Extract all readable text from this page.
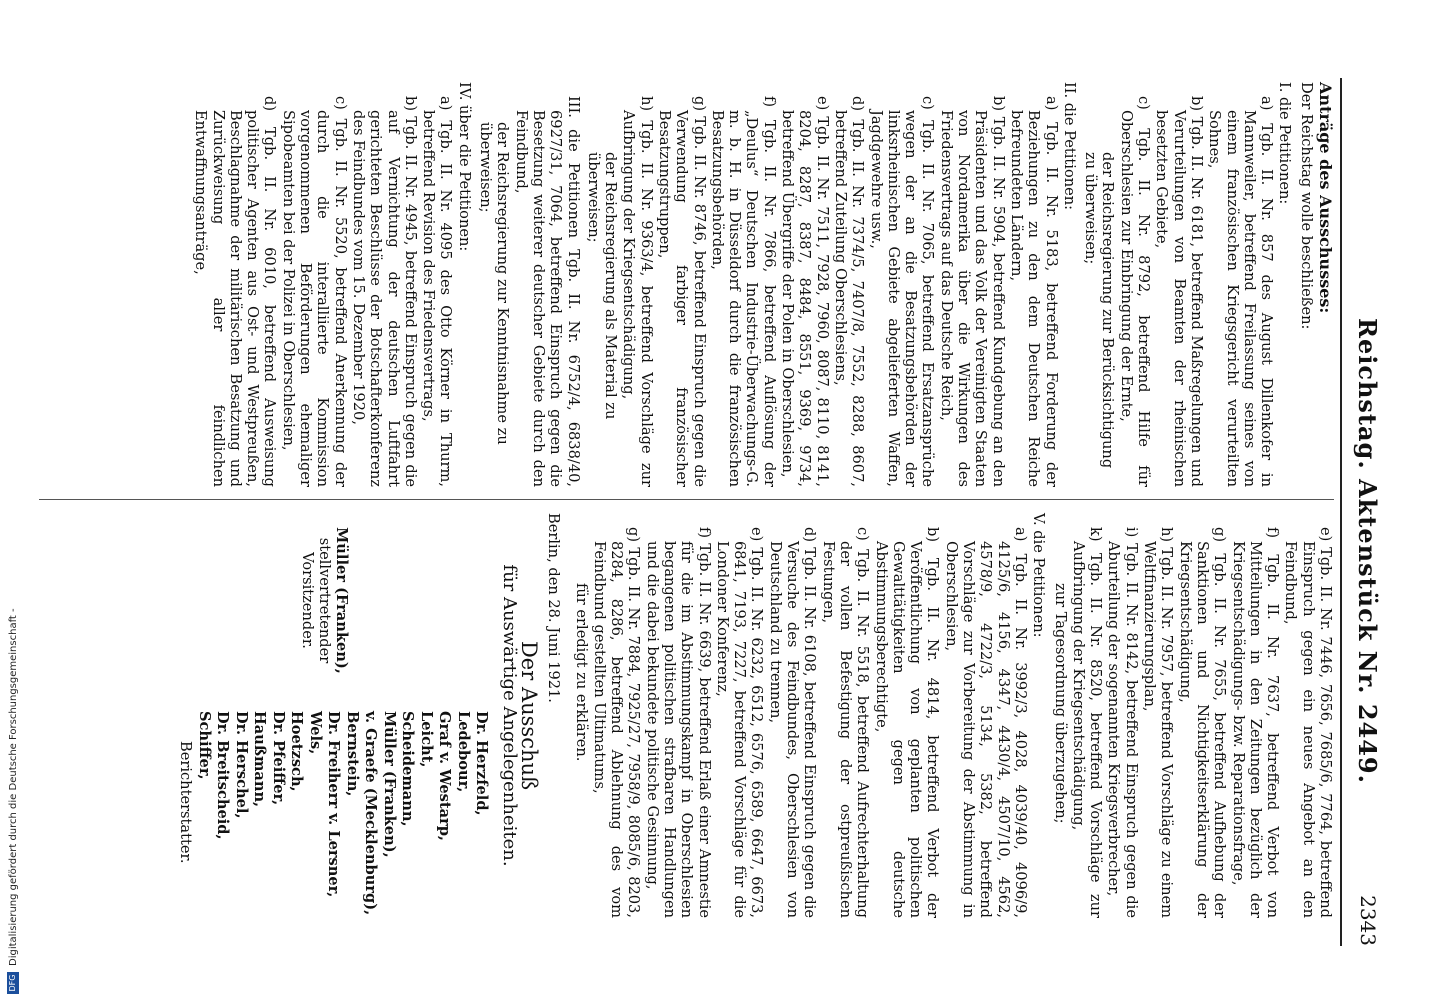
Reichstag. Aktenstück Nr. 2449.
2343
Anträge des Ausschusses:
Der Reichstag wolle beschließen:
I. die Petitionen:
a) Tgb. II. Nr. 857 des August Dillenkofer in Mannweiler, betreffend Freilassung seines von einem französischen Kriegsgericht verurteilten Sohnes,
b) Tgb. II. Nr. 6181, betreffend Maßregelungen und Verurteilungen von Beamten der rheinischen besetzten Gebiete,
c) Tgb. II. Nr. 8792, betreffend Hilfe für Oberschlesien zur Einbringung der Ernte,
der Reichsregierung zur Berücksichtigung zu überweisen;
II. die Petitionen:
a) Tgb. II. Nr. 5183, betreffend Forderung der Beziehungen zu den dem Deutschen Reiche befreundeten Ländern,
b) Tgb. II. Nr. 5904, betreffend Kundgebung an den Präsidenten und das Volk der Vereinigten Staaten von Nordamerika über die Wirkungen des Friedensvertrags auf das Deutsche Reich,
c) Tgb. II. Nr. 7065, betreffend Ersatzansprüche wegen der an die Besatzungsbehörden der linksrheinischen Gebiete abgelieferten Waffen, Jagdgewehre usw.,
d) Tgb. II. Nr. 7374/5, 7407/8, 7552, 8288, 8607, betreffend Zuteilung Oberschlesiens,
e) Tgb. II. Nr. 7511, 7928, 7960, 8087, 8110, 8141, 8204, 8287, 8387, 8484, 8551, 9369, 9734, betreffend Übergriffe der Polen in Oberschlesien,
f) Tgb. II. Nr. 7866, betreffend Auflösung der „Deulus“ Deutschen Industrie-Überwachungs-G. m. b. H. in Düsseldorf durch die französischen Besatzungsbehörden,
g) Tgb. II. Nr. 8746, betreffend Einspruch gegen die Verwendung farbiger französischer Besatzungstruppen,
h) Tgb. II. Nr. 9363/4, betreffend Vorschläge zur Aufbringung der Kriegsentschädigung,
der Reichsregierung als Material zu überweisen;
III. die Petitionen Tgb. II. Nr. 6752/4, 6838/40, 6927/31, 7064, betreffend Einspruch gegen die Besetzung weiterer deutscher Gebiete durch den Feindbund,
der Reichsregierung zur Kenntnisnahme zu überweisen;
IV. über die Petitionen:
a) Tgb. II. Nr. 4095 des Otto Körner in Thurm, betreffend Revision des Friedensvertrags,
b) Tgb. II. Nr. 4945, betreffend Einspruch gegen die auf Vernichtung der deutschen Luftfahrt gerichteten Beschlüsse der Botschafterkonferenz des Feindbundes vom 15. Dezember 1920,
c) Tgb. II. Nr. 5520, betreffend Anerkennung der durch die interalliierte Kommission vorgenommenen Beförderungen ehemaliger Sipobeamten bei der Polizei in Oberschlesien,
d) Tgb. II. Nr. 6010, betreffend Ausweisung politischer Agenten aus Ost- und Westpreußen, Beschlagnahme der militärischen Besatzung und Zurückweisung aller feindlichen Entwaffnungsanträge,
e) Tgb. II. Nr. 7446, 7656, 7685/6, 7764, betreffend Einspruch gegen ein neues Angebot an den Feindbund,
f) Tgb. II. Nr. 7637, betreffend Verbot von Mitteilungen in den Zeitungen bezüglich der Kriegsentschädigungs- bzw. Reparationsfrage,
g) Tgb. II. Nr. 7655, betreffend Aufhebung der Sanktionen und Nichtigkeitserklärung der Kriegsentschädigung,
h) Tgb. II. Nr. 7957, betreffend Vorschläge zu einem Weltfinanzierungsplan,
i) Tgb. II. Nr. 8142, betreffend Einspruch gegen die Aburteilung der sogenannten Kriegsverbrecher,
k) Tgb. II. Nr. 8520, betreffend Vorschläge zur Aufbringung der Kriegsentschädigung,
zur Tagesordnung überzugehen;
V. die Petitionen:
a) Tgb. II. Nr. 3992/3, 4028, 4039/40, 4096/9, 4125/6, 4156, 4347, 4430/4, 4507/10, 4562, 4578/9, 4722/3, 5134, 5382, betreffend Vorschläge zur Vorbereitung der Abstimmung in Oberschlesien,
b) Tgb. II. Nr. 4814, betreffend Verbot der Veröffentlichung von geplanten politischen Gewalttätigkeiten gegen deutsche Abstimmungsberechtigte,
c) Tgb. II. Nr. 5518, betreffend Aufrechterhaltung der vollen Befestigung der ostpreußischen Festungen,
d) Tgb. II. Nr. 6108, betreffend Einspruch gegen die Versuche des Feindbundes, Oberschlesien von Deutschland zu trennen,
e) Tgb. II. Nr. 6232, 6512, 6576, 6589, 6647, 6673, 6841, 7193, 7227, betreffend Vorschläge für die Londoner Konferenz,
f) Tgb. II. Nr. 6639, betreffend Erlaß einer Amnestie für die im Abstimmungskampf in Oberschlesien begangenen politischen strafbaren Handlungen und die dabei bekundete politische Gesinnung,
g) Tgb. II. Nr. 7884, 7925/27, 7958/9, 8085/6, 8203, 8284, 8286, betreffend Ablehnung des vom Feindbund gestellten Ultimatums,
für erledigt zu erklären.
Berlin, den 28. Juni 1921.
Der Ausschuß
für Auswärtige Angelegenheiten.
Müller (Franken),
stellvertretender Vorsitzender.
Dr. Herzfeld,
Ledebour,
Graf v. Westarp,
Leicht,
Scheidemann,
Müller (Franken),
v. Graefe (Mecklenburg),
Bernstein,
Dr. Freiherr v. Lersner,
Wels,
Hoetzsch,
Dr. Pfeiffer,
Haußmann,
Dr. Herschel,
Dr. Breitscheid,
Schiffer,
Berichterstatter.
DFG
Digitalisierung gefördert durch die Deutsche Forschungsgemeinschaft -
